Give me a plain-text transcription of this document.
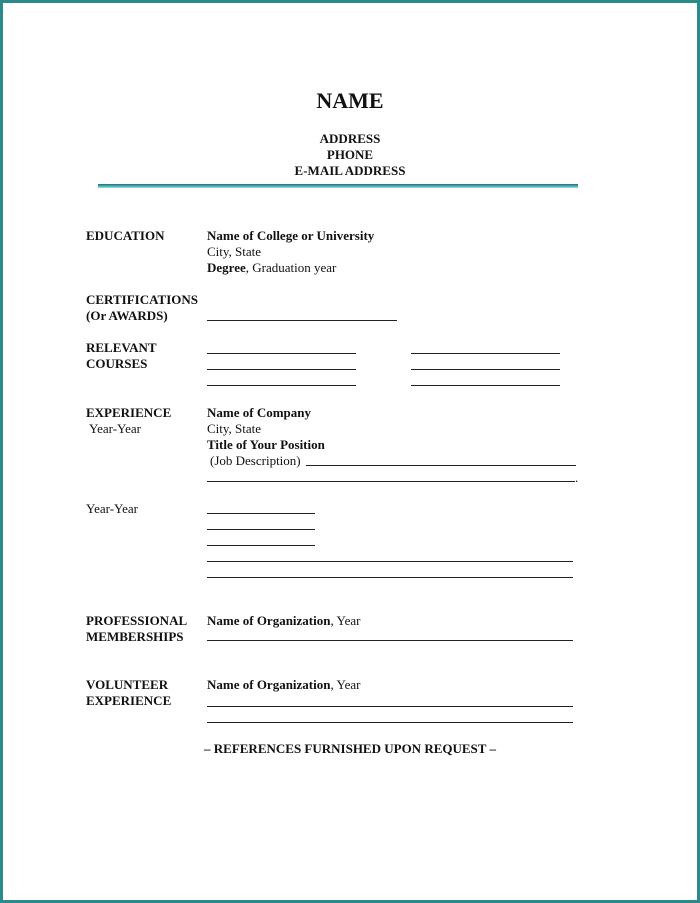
NAME
ADDRESS
PHONE
E-MAIL ADDRESS
EDUCATION	Name of College or University
City, State
Degree, Graduation year
CERTIFICATIONS
(Or AWARDS)
RELEVANT
COURSES
EXPERIENCE
Year-Year
Name of Company
City, State
Title of Your Position
(Job Description)
.
Year-Year
PROFESSIONAL
MEMBERSHIPS
Name of Organization, Year
VOLUNTEER
EXPERIENCE
Name of Organization, Year
– REFERENCES FURNISHED UPON REQUEST –
